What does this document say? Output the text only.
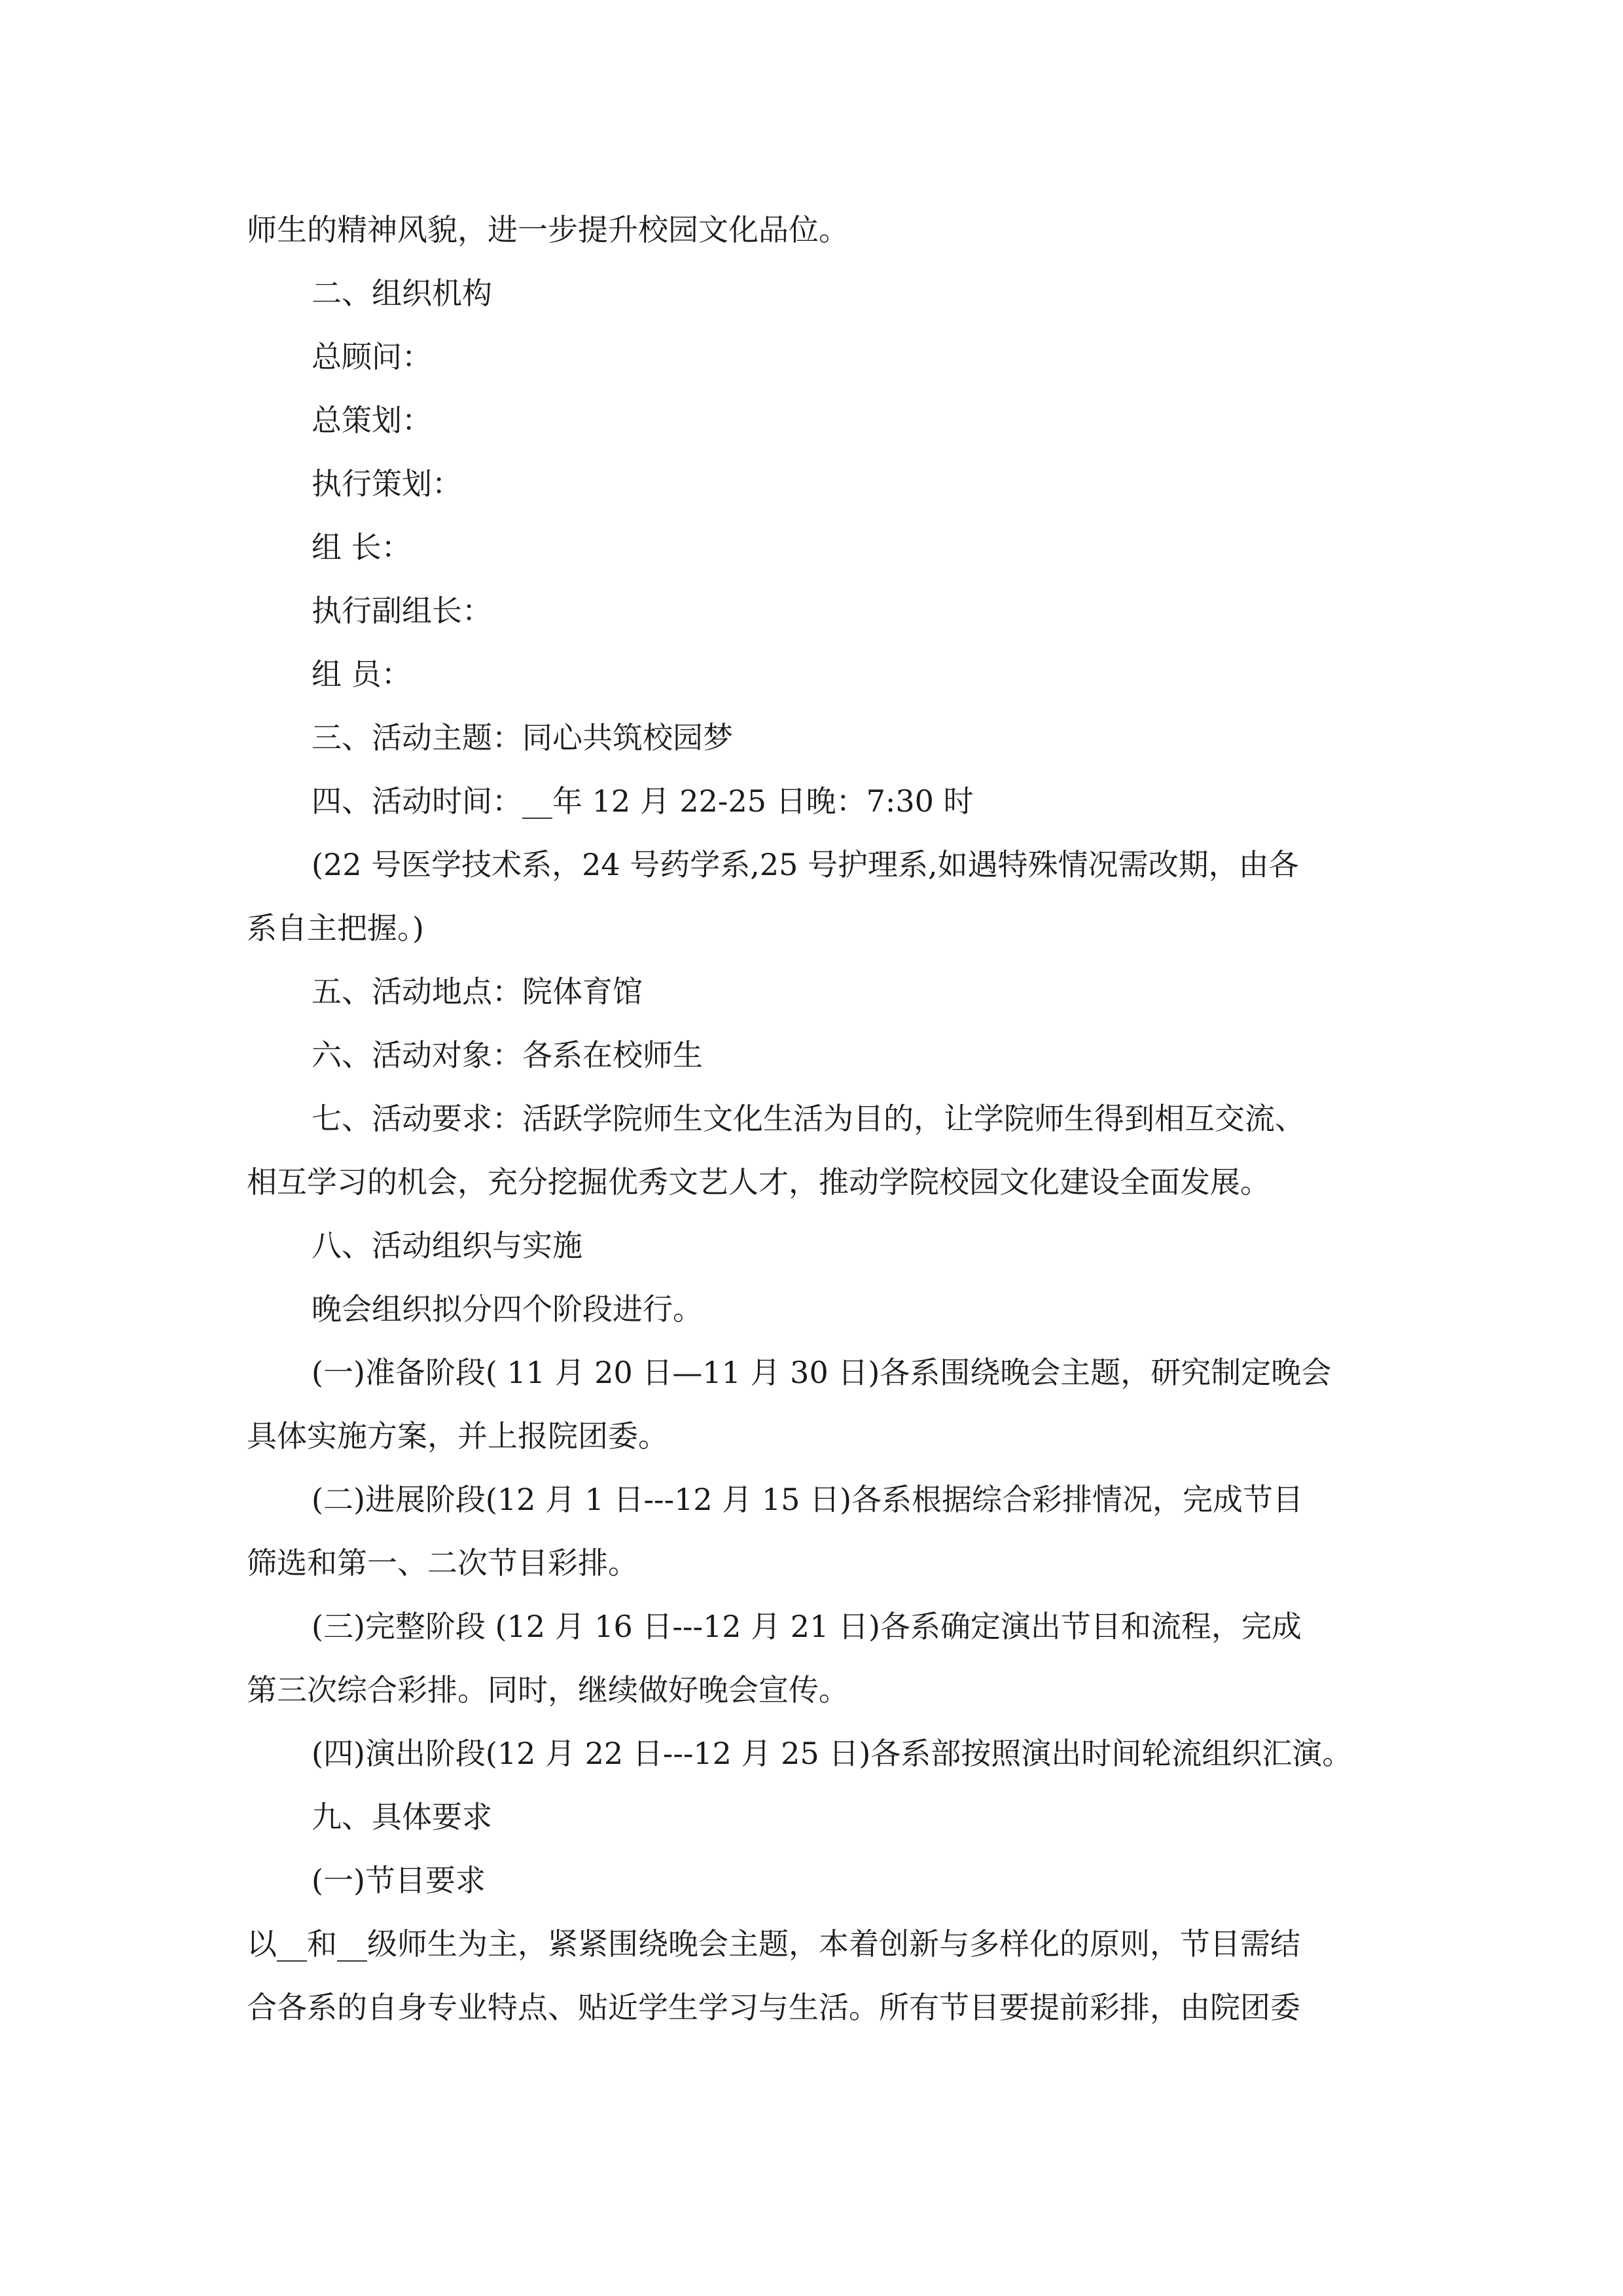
师生的精神风貌，进一步提升校园文化品位。
二、组织机构
总顾问：
总策划：
执行策划：
组 长：
执行副组长：
组 员：
三、活动主题：同心共筑校园梦
四、活动时间：__年 12 月 22-25 日晚：7:30 时
(22 号医学技术系，24 号药学系,25 号护理系,如遇特殊情况需改期，由各
系自主把握。)
五、活动地点：院体育馆
六、活动对象：各系在校师生
七、活动要求：活跃学院师生文化生活为目的，让学院师生得到相互交流、
相互学习的机会，充分挖掘优秀文艺人才，推动学院校园文化建设全面发展。
八、活动组织与实施
晚会组织拟分四个阶段进行。
(一)准备阶段( 11 月 20 日—11 月 30 日)各系围绕晚会主题，研究制定晚会
具体实施方案，并上报院团委。
(二)进展阶段(12 月 1 日---12 月 15 日)各系根据综合彩排情况，完成节目
筛选和第一、二次节目彩排。
(三)完整阶段 (12 月 16 日---12 月 21 日)各系确定演出节目和流程，完成
第三次综合彩排。同时，继续做好晚会宣传。
(四)演出阶段(12 月 22 日---12 月 25 日)各系部按照演出时间轮流组织汇演。
九、具体要求
(一)节目要求
以__和__级师生为主，紧紧围绕晚会主题，本着创新与多样化的原则，节目需结
合各系的自身专业特点、贴近学生学习与生活。所有节目要提前彩排，由院团委
